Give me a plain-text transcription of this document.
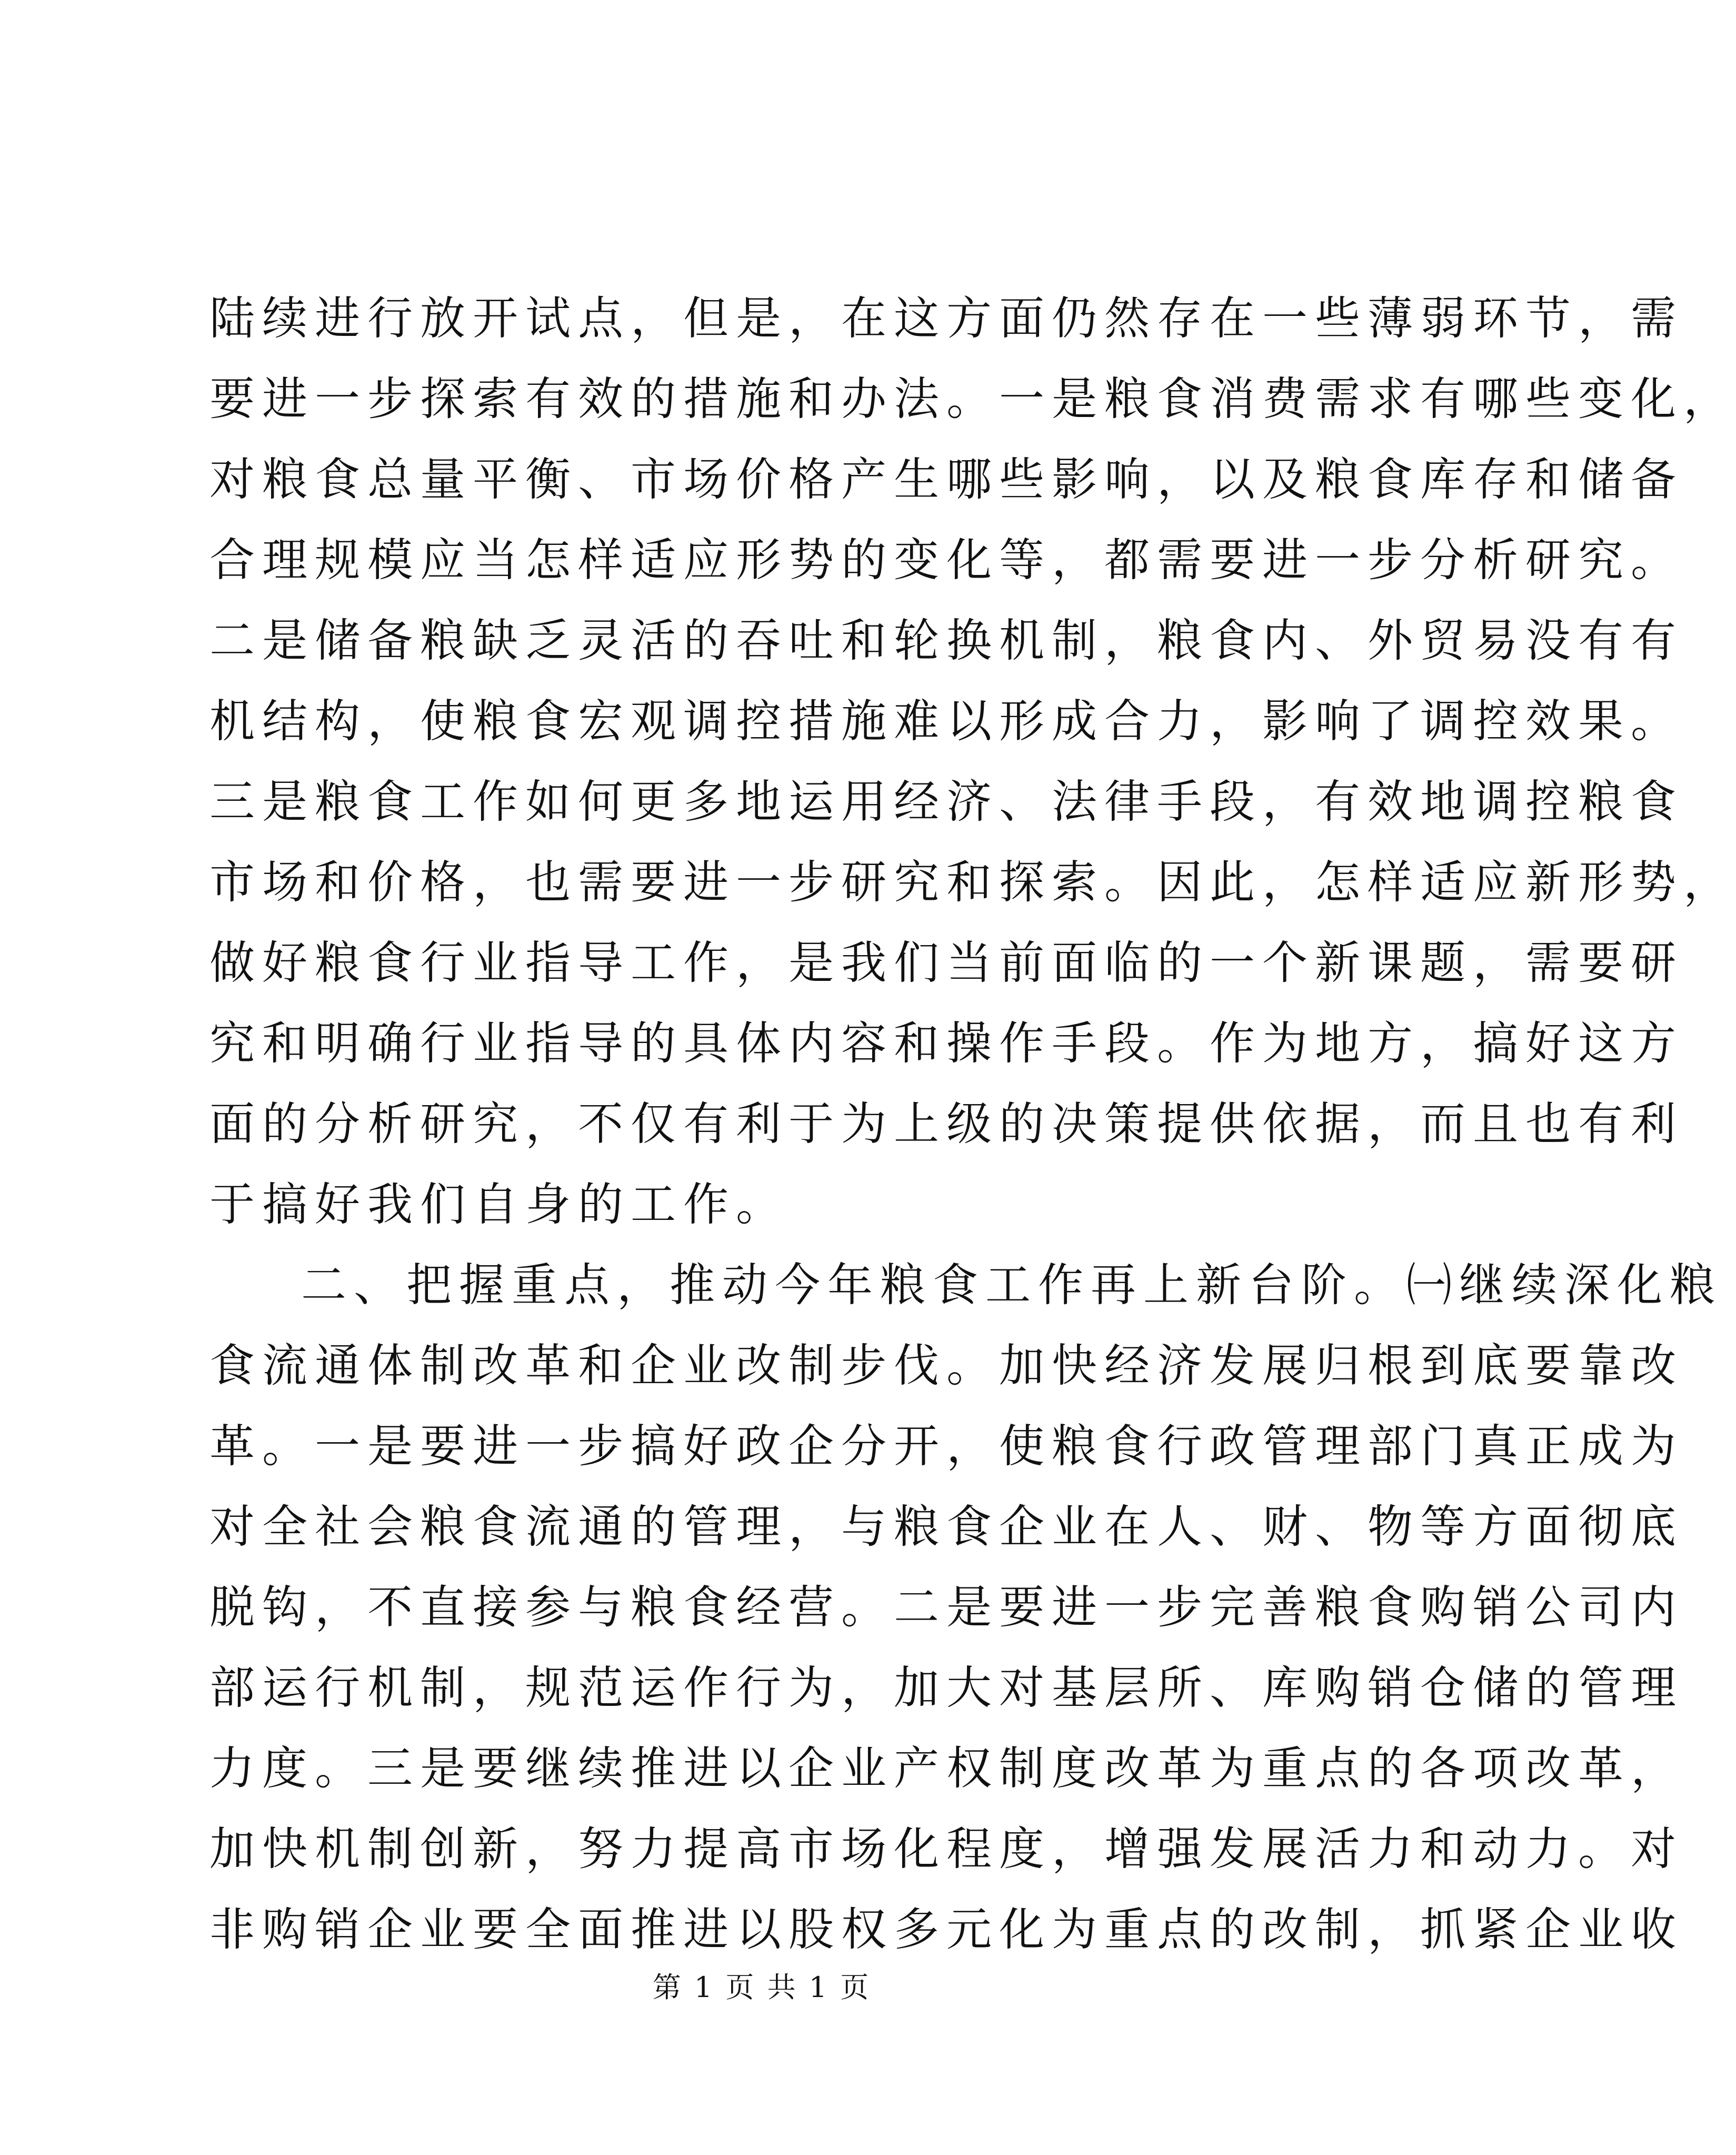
陆续进行放开试点，但是，在这方面仍然存在一些薄弱环节，需
要进一步探索有效的措施和办法。一是粮食消费需求有哪些变化，
对粮食总量平衡、市场价格产生哪些影响，以及粮食库存和储备
合理规模应当怎样适应形势的变化等，都需要进一步分析研究。
二是储备粮缺乏灵活的吞吐和轮换机制，粮食内、外贸易没有有
机结构，使粮食宏观调控措施难以形成合力，影响了调控效果。
三是粮食工作如何更多地运用经济、法律手段，有效地调控粮食
市场和价格，也需要进一步研究和探索。因此，怎样适应新形势，
做好粮食行业指导工作，是我们当前面临的一个新课题，需要研
究和明确行业指导的具体内容和操作手段。作为地方，搞好这方
面的分析研究，不仅有利于为上级的决策提供依据，而且也有利
于搞好我们自身的工作。
二、把握重点，推动今年粮食工作再上新台阶。㈠继续深化粮
食流通体制改革和企业改制步伐。加快经济发展归根到底要靠改
革。一是要进一步搞好政企分开，使粮食行政管理部门真正成为
对全社会粮食流通的管理，与粮食企业在人、财、物等方面彻底
脱钩，不直接参与粮食经营。二是要进一步完善粮食购销公司内
部运行机制，规范运作行为，加大对基层所、库购销仓储的管理
力度。三是要继续推进以企业产权制度改革为重点的各项改革，
加快机制创新，努力提高市场化程度，增强发展活力和动力。对
非购销企业要全面推进以股权多元化为重点的改制，抓紧企业收
第 1 页 共 1 页
